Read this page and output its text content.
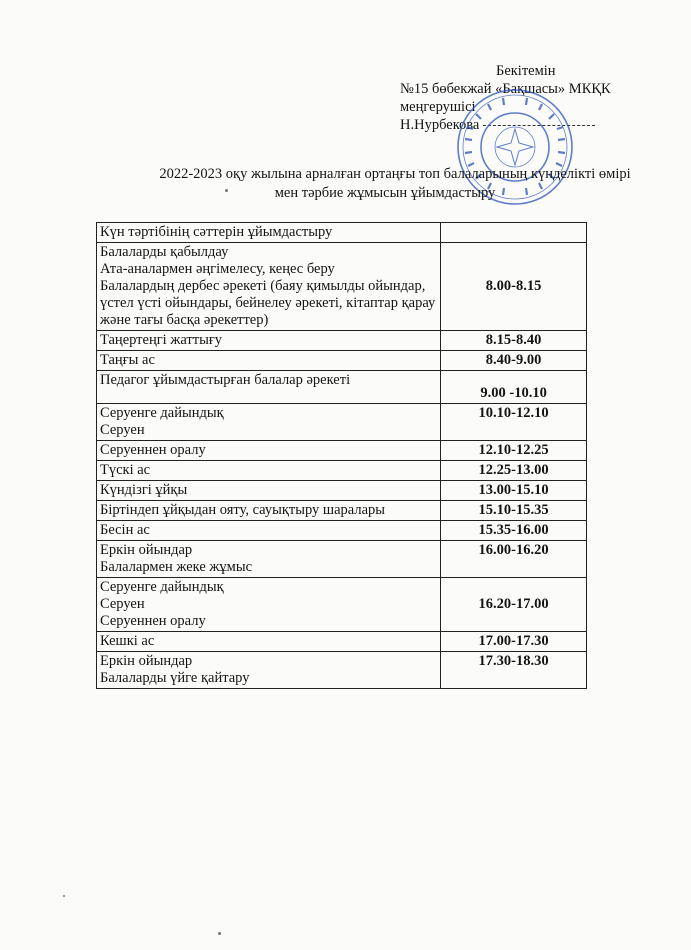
Бекітемін
№15 бөбекжай «Бақшасы» МКҚК
меңгерушісі
Н.Нурбекова
2022-2023 оқу жылына арналған ортаңғы топ балаларының күнделікті өмірі
мен тәрбие жұмысын ұйымдастыру
Күн тәртібінің сәттерін ұйымдастыру	

Балаларды қабылдау
Ата-аналармен әңгімелесу, кеңес беру
Балалардың дербес әрекеті (баяу қимылды ойындар, үстел үсті ойындары, бейнелеу әрекеті, кітаптар қарау және тағы басқа әрекеттер)	8.00-8.15

Таңертеңгі жаттығу	8.15-8.40

Таңғы ас	8.40-9.00

Педагог ұйымдастырған балалар әрекеті	9.00 -10.10

Серуенге дайындық
Серуен	10.10-12.10

Серуеннен оралу	12.10-12.25

Түскі ас	12.25-13.00

Күндізгі ұйқы	13.00-15.10

Біртіндеп ұйқыдан ояту, сауықтыру шаралары	15.10-15.35

Бесін ас	15.35-16.00

Еркін ойындар
Балалармен жеке жұмыс	16.00-16.20

Серуенге дайындық
Серуен
Серуеннен оралу	16.20-17.00

Кешкі ас	17.00-17.30

Еркін ойындар
Балаларды үйге қайтару	17.30-18.30
